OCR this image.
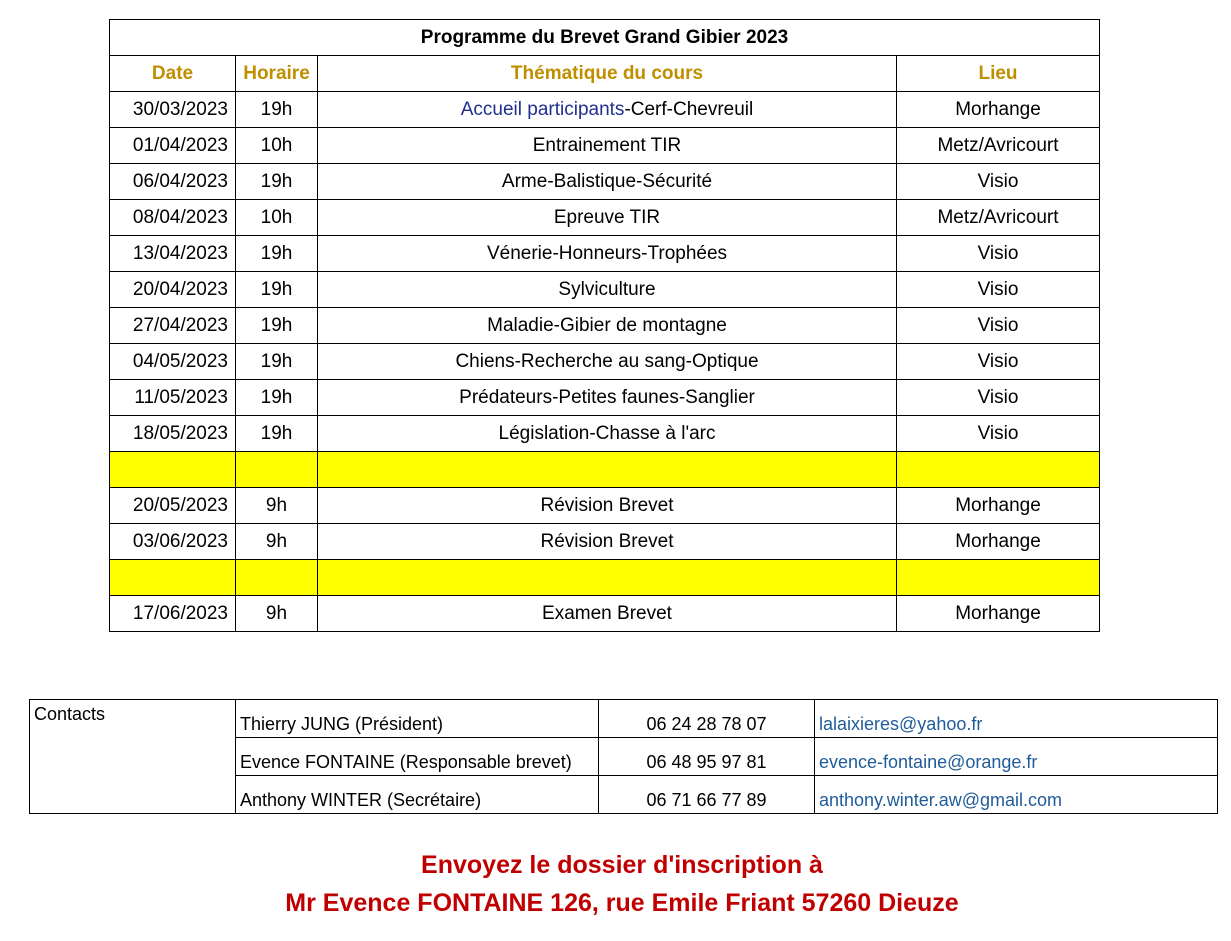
Programme du Brevet Grand Gibier 2023			
Date	Horaire	Thématique du cours	Lieu
30/03/2023	19h	Accueil participants-Cerf-Chevreuil	Morhange
01/04/2023	10h	Entrainement TIR	Metz/Avricourt
06/04/2023	19h	Arme-Balistique-Sécurité	Visio
08/04/2023	10h	Epreuve TIR	Metz/Avricourt
13/04/2023	19h	Vénerie-Honneurs-Trophées	Visio
20/04/2023	19h	Sylviculture	Visio
27/04/2023	19h	Maladie-Gibier de montagne	Visio
04/05/2023	19h	Chiens-Recherche au sang-Optique	Visio
11/05/2023	19h	Prédateurs-Petites faunes-Sanglier	Visio
18/05/2023	19h	Législation-Chasse à l'arc	Visio

20/05/2023	9h	Révision Brevet	Morhange
03/06/2023	9h	Révision Brevet	Morhange

17/06/2023	9h	Examen Brevet	Morhange
Contacts	Thierry JUNG (Président)	06 24 28 78 07	lalaixieres@yahoo.fr
	Evence FONTAINE (Responsable brevet)	06 48 95 97 81	evence-fontaine@orange.fr
	Anthony WINTER (Secrétaire)	06 71 66 77 89	anthony.winter.aw@gmail.com
Envoyez le dossier d'inscription à
Mr Evence FONTAINE 126, rue Emile Friant 57260 Dieuze
